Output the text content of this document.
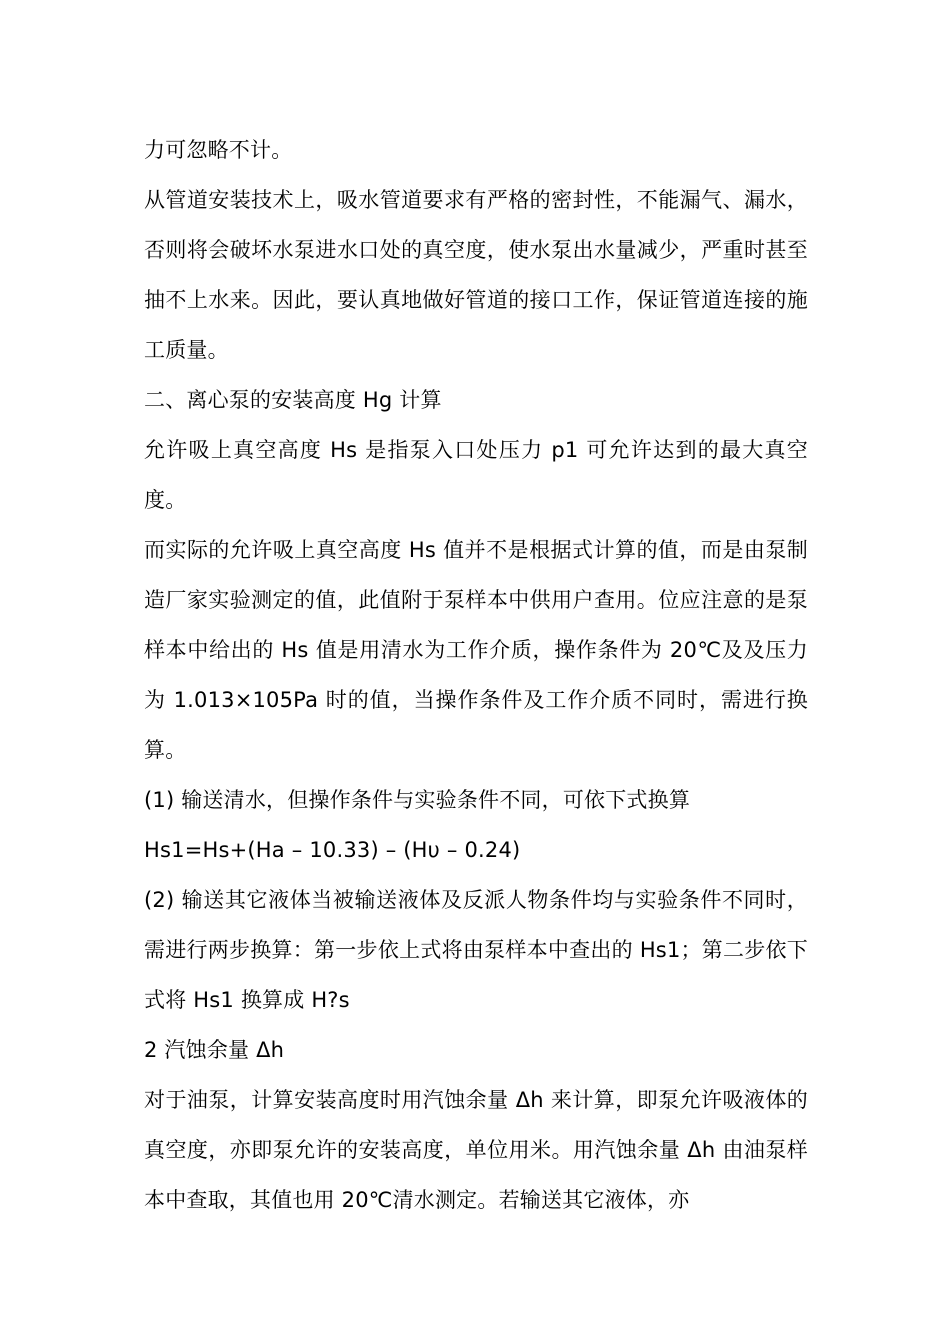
力可忽略不计。

从管道安装技术上，吸水管道要求有严格的密封性，不能漏气、漏水，否则将会破坏水泵进水口处的真空度，使水泵出水量减少，严重时甚至抽不上水来。因此，要认真地做好管道的接口工作，保证管道连接的施工质量。

二、离心泵的安装高度 Hg 计算

允许吸上真空高度 Hs 是指泵入口处压力 p1 可允许达到的最大真空度。

而实际的允许吸上真空高度 Hs 值并不是根据式计算的值，而是由泵制造厂家实验测定的值，此值附于泵样本中供用户查用。位应注意的是泵样本中给出的 Hs 值是用清水为工作介质，操作条件为 20℃及及压力为 1.013×105Pa 时的值，当操作条件及工作介质不同时，需进行换算。

(1) 输送清水，但操作条件与实验条件不同，可依下式换算

Hs1=Hs+(Ha – 10.33) – (Hυ – 0.24)

(2) 输送其它液体当被输送液体及反派人物条件均与实验条件不同时，需进行两步换算：第一步依上式将由泵样本中查出的 Hs1；第二步依下式将 Hs1 换算成 H?s

2 汽蚀余量 Δh

对于油泵，计算安装高度时用汽蚀余量 Δh 来计算，即泵允许吸液体的真空度，亦即泵允许的安装高度，单位用米。用汽蚀余量 Δh 由油泵样本中查取，其值也用 20℃清水测定。若输送其它液体，亦
